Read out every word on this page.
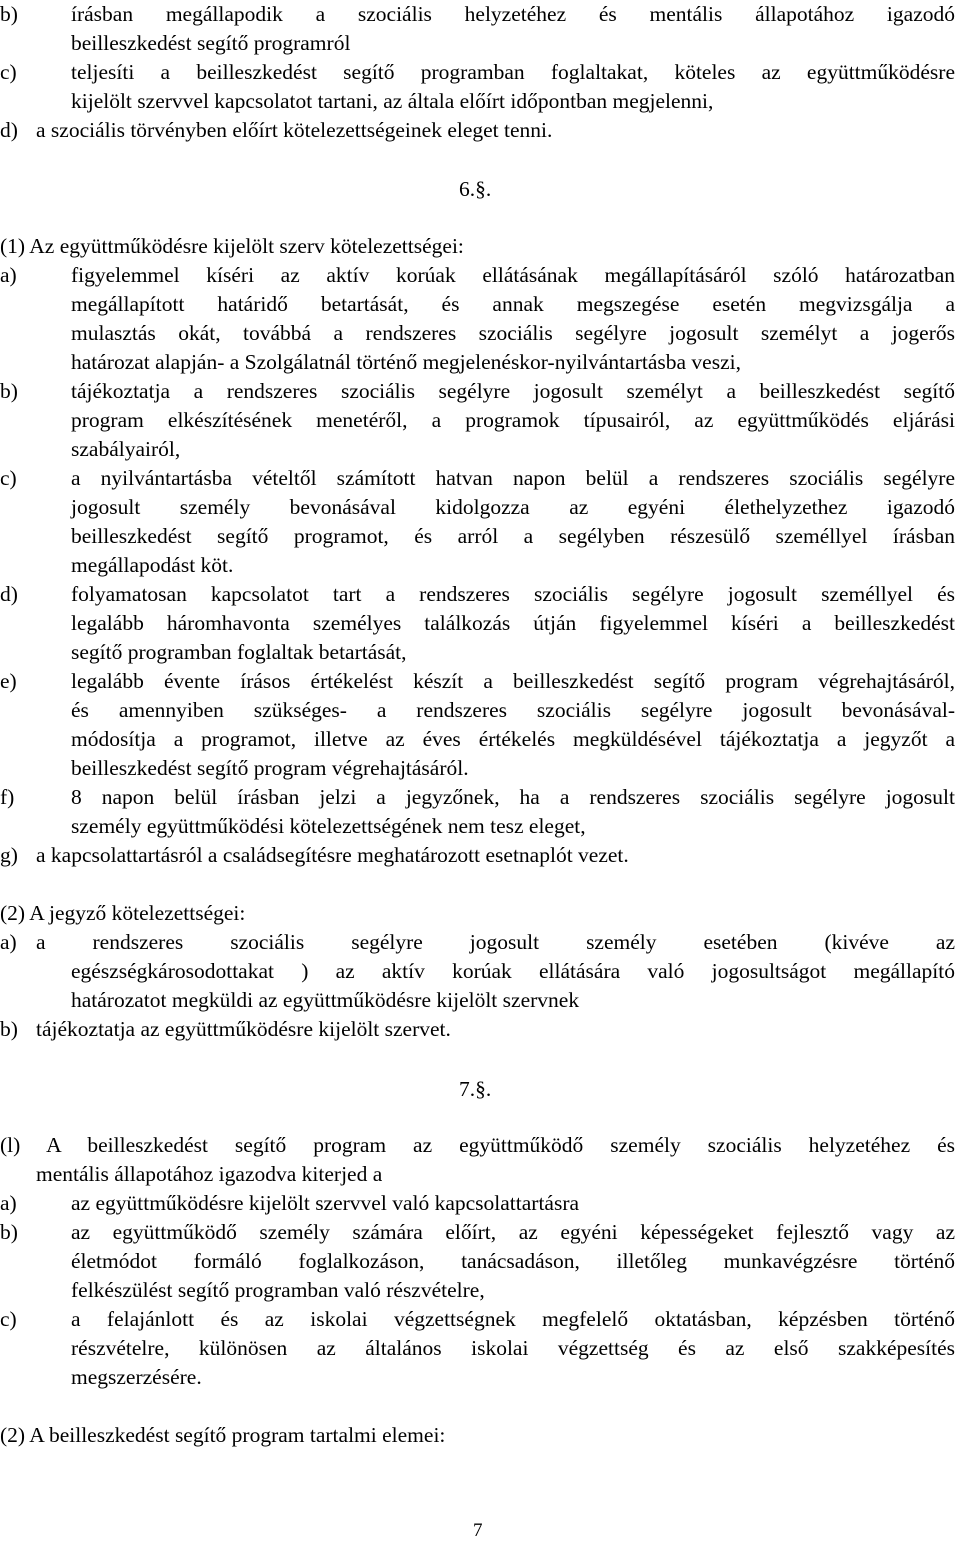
b) írásban megállapodik a szociális helyzetéhez és mentális állapotához igazodó
beilleszkedést segítő programról
c)	teljesíti a beilleszkedést segítő programban foglaltakat, köteles az együttműködésre
kijelölt szervvel kapcsolatot tartani, az általa előírt időpontban megjelenni,
d) a szociális törvényben előírt kötelezettségeinek eleget tenni.
6.§.
(1) Az együttműködésre kijelölt szerv kötelezettségei:
a)	figyelemmel kíséri az aktív korúak ellátásának megállapításáról szóló határozatban
megállapított határidő betartását, és annak megszegése esetén megvizsgálja a
mulasztás okát, továbbá a rendszeres szociális segélyre jogosult személyt a jogerős
határozat alapján- a Szolgálatnál történő megjelenéskor-nyilvántartásba veszi,
b) tájékoztatja a rendszeres szociális segélyre jogosult személyt a beilleszkedést segítő
program elkészítésének menetéről, a programok típusairól, az együttműködés eljárási
szabályairól,
c)	a nyilvántartásba vételtől számított hatvan napon belül a rendszeres szociális segélyre
jogosult személy bevonásával kidolgozza az egyéni élethelyzethez igazodó
beilleszkedést segítő programot, és arról a segélyben részesülő személlyel írásban
megállapodást köt.
d) folyamatosan kapcsolatot tart a rendszeres szociális segélyre jogosult személlyel és
legalább háromhavonta személyes találkozás útján figyelemmel kíséri a beilleszkedést
segítő programban foglaltak betartását,
e)	legalább évente írásos értékelést készít a beilleszkedést segítő program végrehajtásáról,
és amennyiben szükséges- a rendszeres szociális segélyre jogosult bevonásával-
módosítja a programot, illetve az éves értékelés megküldésével tájékoztatja a jegyzőt a
beilleszkedést segítő program végrehajtásáról.
f)	8 napon belül írásban jelzi a jegyzőnek, ha a rendszeres szociális segélyre jogosult
személy együttműködési kötelezettségének nem tesz eleget,
g) a kapcsolattartásról a családsegítésre meghatározott esetnaplót vezet.
(2) A jegyző kötelezettségei:
a) a rendszeres szociális segélyre jogosult személy esetében (kivéve az
egészségkárosodottakat ) az aktív korúak ellátására való jogosultságot megállapító
határozatot megküldi az együttműködésre kijelölt szervnek
b) tájékoztatja az együttműködésre kijelölt szervet.
7.§.
(l) A beilleszkedést segítő program az együttműködő személy szociális helyzetéhez és
mentális állapotához igazodva kiterjed a
a)	az együttműködésre kijelölt szervvel való kapcsolattartásra
b) az együttműködő személy számára előírt, az egyéni képességeket fejlesztő vagy az
életmódot formáló foglalkozáson, tanácsadáson, illetőleg munkavégzésre történő
felkészülést segítő programban való részvételre,
c)	a felajánlott és az iskolai végzettségnek megfelelő oktatásban, képzésben történő
részvételre, különösen az általános iskolai végzettség és az első szakképesítés
megszerzésére.
(2) A beilleszkedést segítő program tartalmi elemei:
7
